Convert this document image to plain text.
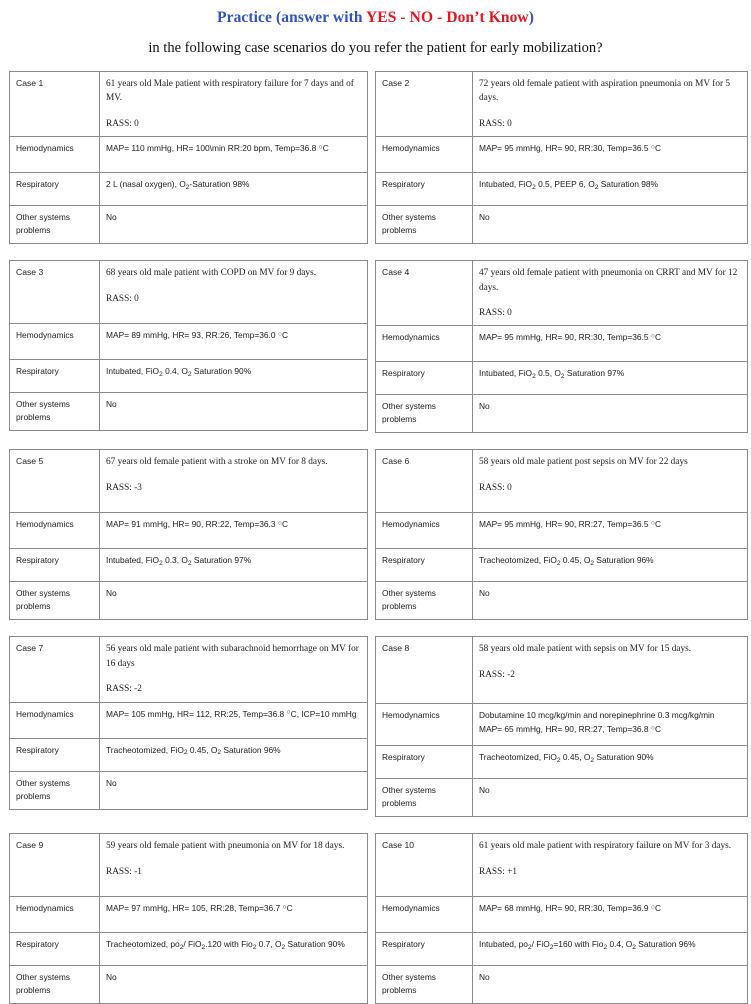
Practice (answer with YES - NO - Don’t Know)

in the following case scenarios do you refer the patient for early mobilization?

Case 1	61 years old Male patient with respiratory failure for 7 days and of MV.
RASS: 0

Hemodynamics	MAP= 110 mmHg, HR= 100\min RR:20 bpm, Temp=36.8 ○C

Respiratory	2 L (nasal oxygen), $O_2$-Saturation 98%

Other systems
problems	No
Case 2	72 years old female patient with aspiration pneumonia on MV for 5 days.
RASS: 0

Hemodynamics	MAP= 95 mmHg, HR= 90, RR:30, Temp=36.5 ○C

Respiratory	Intubated, FiO$_2$ 0.5, PEEP 6, $O_2$ Saturation 98%

Other systems
problems	No
Case 3	68 years old male patient with COPD on MV for 9 days.
RASS: 0

Hemodynamics	MAP= 89 mmHg, HR= 93, RR:26, Temp=36.0 ○C

Respiratory	Intubated, FiO$_2$ 0.4, $O_2$ Saturation 90%

Other systems
problems	No
Case 4	47 years old female patient with pneumonia on CRRT and MV for 12 days.
RASS: 0

Hemodynamics	MAP= 95 mmHg, HR= 90, RR:30, Temp=36.5 ○C

Respiratory	Intubated, FiO$_2$ 0.5, $O_2$ Saturation 97%

Other systems
problems	No
Case 5	67 years old female patient with a stroke on MV for 8 days.
RASS: -3

Hemodynamics	MAP= 91 mmHg, HR= 90, RR:22, Temp=36.3 ○C

Respiratory	Intubated, FiO$_2$ 0.3, $O_2$ Saturation 97%

Other systems
problems	No
Case 6	58 years old male patient post sepsis on MV for 22 days
RASS: 0

Hemodynamics	MAP= 95 mmHg, HR= 90, RR:27, Temp=36.5 ○C

Respiratory	Tracheotomized, FiO$_2$ 0.45, $O_2$ Saturation 96%

Other systems
problems	No
Case 7	56 years old male patient with subarachnoid hemorrhage on MV for 16 days
RASS: -2

Hemodynamics	MAP= 105 mmHg, HR= 112, RR:25, Temp=36.8 ○C, ICP=10 mmHg

Respiratory	Tracheotomized, FiO$_2$ 0.45, $O_2$ Saturation 96%

Other systems
problems	No
Case 8	58 years old male patient with sepsis on MV for 15 days.
RASS: -2

Hemodynamics	Dobutamine 10 mcg/kg/min and norepinephrine 0.3 mcg/kg/min
MAP= 65 mmHg, HR= 90, RR:27, Temp=36.8 ○C

Respiratory	Tracheotomized, FiO$_2$ 0.45, $O_2$ Saturation 90%

Other systems
problems	No
Case 9	59 years old female patient with pneumonia on MV for 18 days.
RASS: -1

Hemodynamics	MAP= 97 mmHg, HR= 105, RR:28, Temp=36.7 ○C

Respiratory	Tracheotomized, $po_2/$ FiO$_2$.120 with Fio$_2$ 0.7, $O_2$ Saturation 90%

Other systems
problems	No
Case 10	61 years old male patient with respiratory failure on MV for 3 days.
RASS: +1

Hemodynamics	MAP= 68 mmHg, HR= 90, RR:30, Temp=36.9 ○C

Respiratory	Intubated, $po_2/$ FiO$_2$=160 with Fio$_2$ 0.4, $O_2$ Saturation 96%

Other systems
problems	No
